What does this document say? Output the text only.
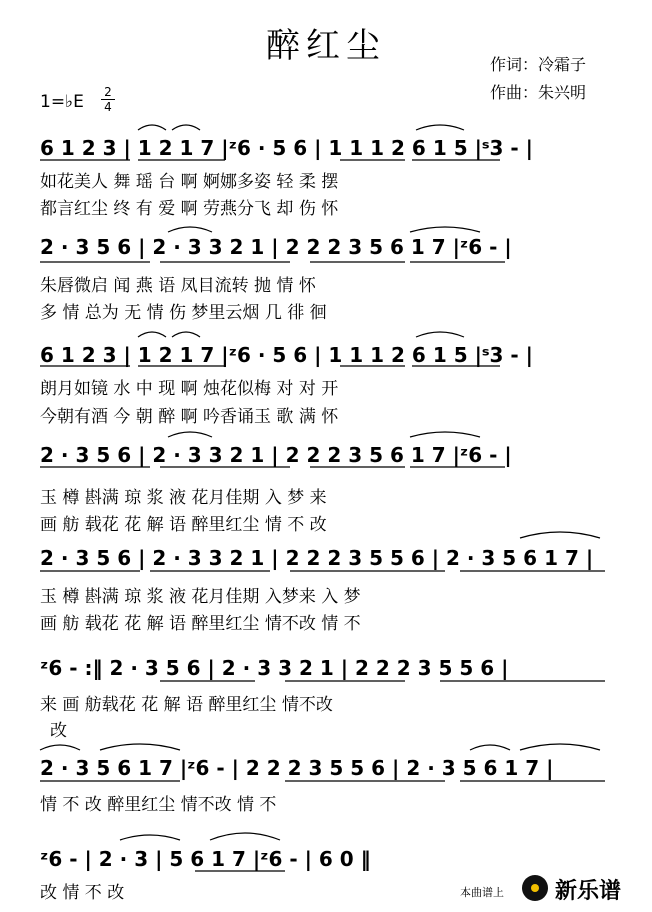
醉红尘	作词：冷霜子
作曲：朱兴明
1=♭E 2
4
6 1 2 3 | 1 2 1 7 |ᶻ6 · 5 6 | 1 1 1 2 6 1 5 |ˢ3 - |
如花美人 舞 瑶 台 啊 婀娜多姿 轻 柔 摆
都言红尘 终 有 爱 啊 劳燕分飞 却 伤 怀
2 · 3 5 6 | 2 · 3 3 2 1 | 2 2 2 3 5 6 1 7 |ᶻ6 - |
朱唇微启 闻 燕 语 凤目流转 抛 情 怀
多 情 总为 无 情 伤 梦里云烟 几 徘 徊
6 1 2 3 | 1 2 1 7 |ᶻ6 · 5 6 | 1 1 1 2 6 1 5 |ˢ3 - |
朗月如镜 水 中 现 啊 烛花似梅 对 对 开
今朝有酒 今 朝 醉 啊 吟香诵玉 歌 满 怀
2 · 3 5 6 | 2 · 3 3 2 1 | 2 2 2 3 5 6 1 7 |ᶻ6 - |
玉 樽 斟满 琼 浆 液 花月佳期 入 梦 来
画 舫 载花 花 解 语 醉里红尘 情 不 改
2 · 3 5 6 | 2 · 3 3 2 1 | 2 2 2 3 5 5 6 | 2 · 3 5 6 1 7 |
玉 樽 斟满 琼 浆 液 花月佳期 入梦来 入 梦
画 舫 载花 花 解 语 醉里红尘 情不改 情 不
ᶻ6 - :‖ 2 · 3 5 6 | 2 · 3 3 2 1 | 2 2 2 3 5 5 6 |
来 画 舫载花 花 解 语 醉里红尘 情不改
改
2 · 3 5 6 1 7 |ᶻ6 - | 2 2 2 3 5 5 6 | 2 · 3 5 6 1 7 |
情 不 改 醉里红尘 情不改 情 不
ᶻ6 - | 2 · 3 | 5 6 1 7 |ᶻ6 - | 6 0 ‖
改 情 不 改	本曲谱上 新乐谱
